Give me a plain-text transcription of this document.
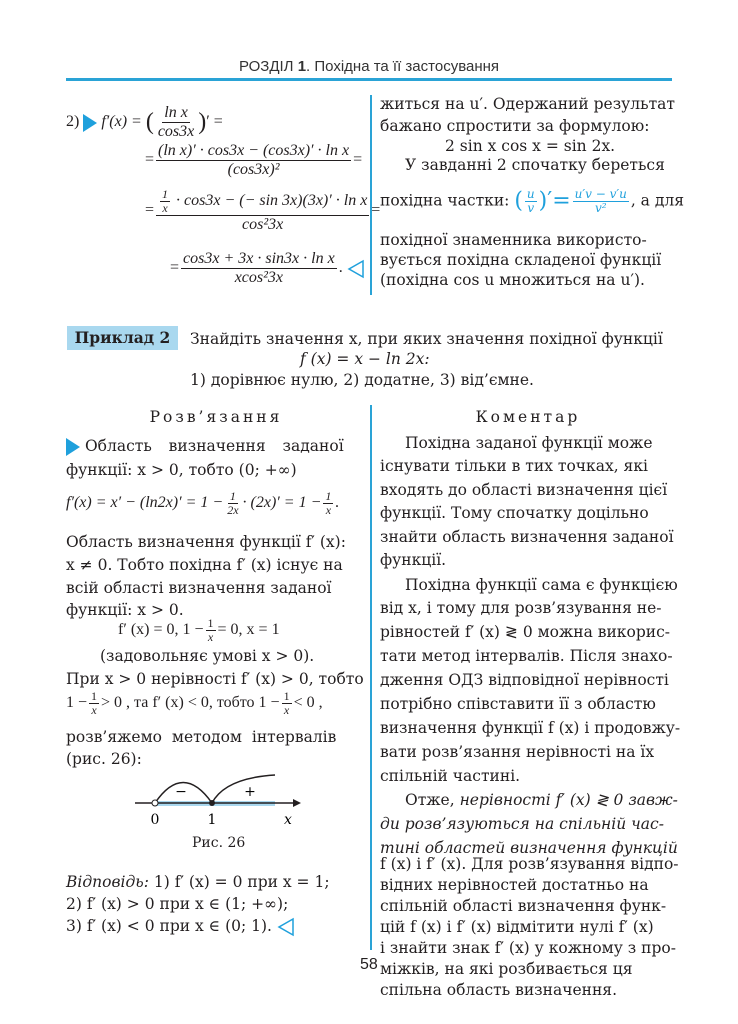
РОЗДІЛ 1. Похідна та її застосування
2) f′(x) = ( $\frac{\text{ln x}}{\cos 3x}$ )′ =
= $\frac{\text{(ln x)′ · cos3x − (cos3x)′ · ln x}}{\text{(cos3x)²}}$ =
= $\frac{\frac{1}{x} \cdot \cos 3x - (- \sin 3x)(3x)' \cdot \ln x}{\text{cos²3x}}$ =
= $\frac{\text{cos3x + 3x · sin3x · ln x}}{\text{xcos²3x}}$ .
житься на u′. Одержаний результат
бажано спростити за формулою:
2 sin x cos x = sin 2x.
У завданні 2 спочатку береться
похідна частки: ( $\frac{u}{v}$ )′= $\frac{u'v - v'u}{\text{v²}}$ , а для
похідної знаменника використо-
вується похідна складеної функції
(похідна cos u множиться на u′).
Приклад 2	Знайдіть значення x, при яких значення похідної функції
f (x) = x − ln 2x:
1) дорівнює нулю, 2) додатне, 3) від’ємне.
Розв’язання	Коментар
Область визначення заданої
функції: x > 0, тобто (0; +∞)
$f'(x) = x' - (\ln 2x)' = 1 - \frac{1}{2x} \cdot (2x)' = 1 - \frac{1}{x}$ .
Область визначення функції f′ (x):
x ≠ 0. Тобто похідна f′ (x) існує на
всій області визначення заданої
функції: x > 0.
f′ (x) = 0, $1 - \frac{1}{x} = 0$, x = 1
(задовольняє умові x > 0).
При x > 0 нерівності f′ (x) > 0, тобто
$1 - \frac{1}{x} > 0$ , та f′ (x) < 0, тобто $1 - \frac{1}{x} < 0$ ,
розв’яжемо методом інтервалів
(рис. 26):
−	+
0	1	x
Рис. 26
Відповідь: 1) f′ (x) = 0 при x = 1;
2) f′ (x) > 0 при x ∈ (1; +∞);
3) f′ (x) < 0 при x ∈ (0; 1).
Похідна заданої функції може
існувати тільки в тих точках, які
входять до області визначення цієї
функції. Тому спочатку доцільно
знайти область визначення заданої
функції.
Похідна функції сама є функцією
від x, і тому для розв’язування не-
рівностей f′ (x) ≷ 0 можна викорис-
тати метод інтервалів. Після знахо-
дження ОДЗ відповідної нерівності
потрібно співставити її з областю
визначення функції f (x) і продовжу-
вати розв’язання нерівності на їх
спільній частині.
Отже, нерівності f′ (x) ≷ 0 завж-
ди розв’язуються на спільній час-
тині областей визначення функцій
f (x) і f′ (x). Для розв’язування відпо-
відних нерівностей достатньо на
спільній області визначення функ-
цій f (x) і f′ (x) відмітити нулі f′ (x)
і знайти знак f′ (x) у кожному з про-
міжків, на які розбивається ця
спільна область визначення.
58
